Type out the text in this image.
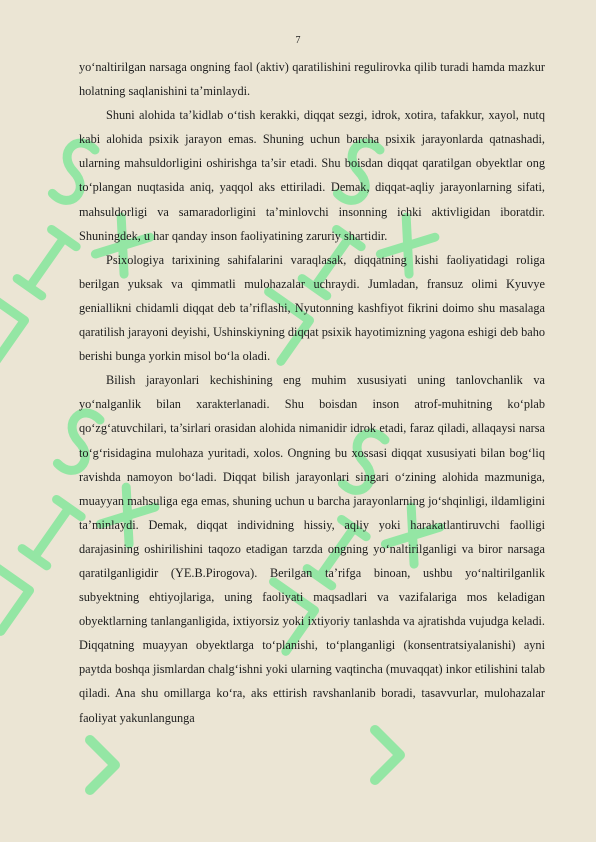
7

yo‘naltirilgan narsaga ongning faol (aktiv) qaratilishini regulirovka qilib turadi hamda mazkur holatning saqlanishini ta’minlaydi.

Shuni alohida ta’kidlab o‘tish kerakki, diqqat sezgi, idrok, xotira, tafakkur, xayol, nutq kabi alohida psixik jarayon emas. Shuning uchun barcha psixik jarayonlarda qatnashadi, ularning mahsuldorligini oshirishga ta’sir etadi. Shu boisdan diqqat qaratilgan obyektlar ong to‘plangan nuqtasida aniq, yaqqol aks ettiriladi. Demak, diqqat-aqliy jarayonlarning sifati, mahsuldorligi va samaradorligini ta’minlovchi insonning ichki aktivligidan iboratdir. Shuningdek, u har qanday inson faoliyatining zaruriy shartidir.

Psixologiya tarixining sahifalarini varaqlasak, diqqatning kishi faoliyatidagi roliga berilgan yuksak va qimmatli mulohazalar uchraydi. Jumladan, fransuz olimi Kyuvye geniallikni chidamli diqqat deb ta’riflashi, Nyutonning kashfiyot fikrini doimo shu masalaga qaratilish jarayoni deyishi, Ushinskiyning diqqat psixik hayotimizning yagona eshigi deb baho berishi bunga yorkin misol bo‘la oladi.

Bilish jarayonlari kechishining eng muhim xususiyati uning tanlovchanlik va yo‘nalganlik bilan xarakterlanadi. Shu boisdan inson atrof-muhitning ko‘plab qo‘zg‘atuvchilari, ta’sirlari orasidan alohida nimanidir idrok etadi, faraz qiladi, allaqaysi narsa to‘g‘risidagina mulohaza yuritadi, xolos. Ongning bu xossasi diqqat xususiyati bilan bog‘liq ravishda namoyon bo‘ladi. Diqqat bilish jarayonlari singari o‘zining alohida mazmuniga, muayyan mahsuliga ega emas, shuning uchun u barcha jarayonlarning jo‘shqinligi, ildamligini ta’minlaydi. Demak, diqqat individning hissiy, aqliy yoki harakatlantiruvchi faolligi darajasining oshirilishini taqozo etadigan tarzda ongning yo‘naltirilganligi va biror narsaga qaratilganligidir (YE.B.Pirogova). Berilgan ta’rifga binoan, ushbu yo‘naltirilganlik subyektning ehtiyojlariga, uning faoliyati maqsadlari va vazifalariga mos keladigan obyektlarning tanlanganligida, ixtiyorsiz yoki ixtiyoriy tanlashda va ajratishda vujudga keladi. Diqqatning muayyan obyektlarga to‘planishi, to‘planganligi (konsentratsiyalanishi) ayni paytda boshqa jismlardan chalg‘ishni yoki ularning vaqtincha (muvaqqat) inkor etilishini talab qiladi. Ana shu omillarga ko‘ra, aks ettirish ravshanlanib boradi, tasavvurlar, mulohazalar faoliyat yakunlangunga
